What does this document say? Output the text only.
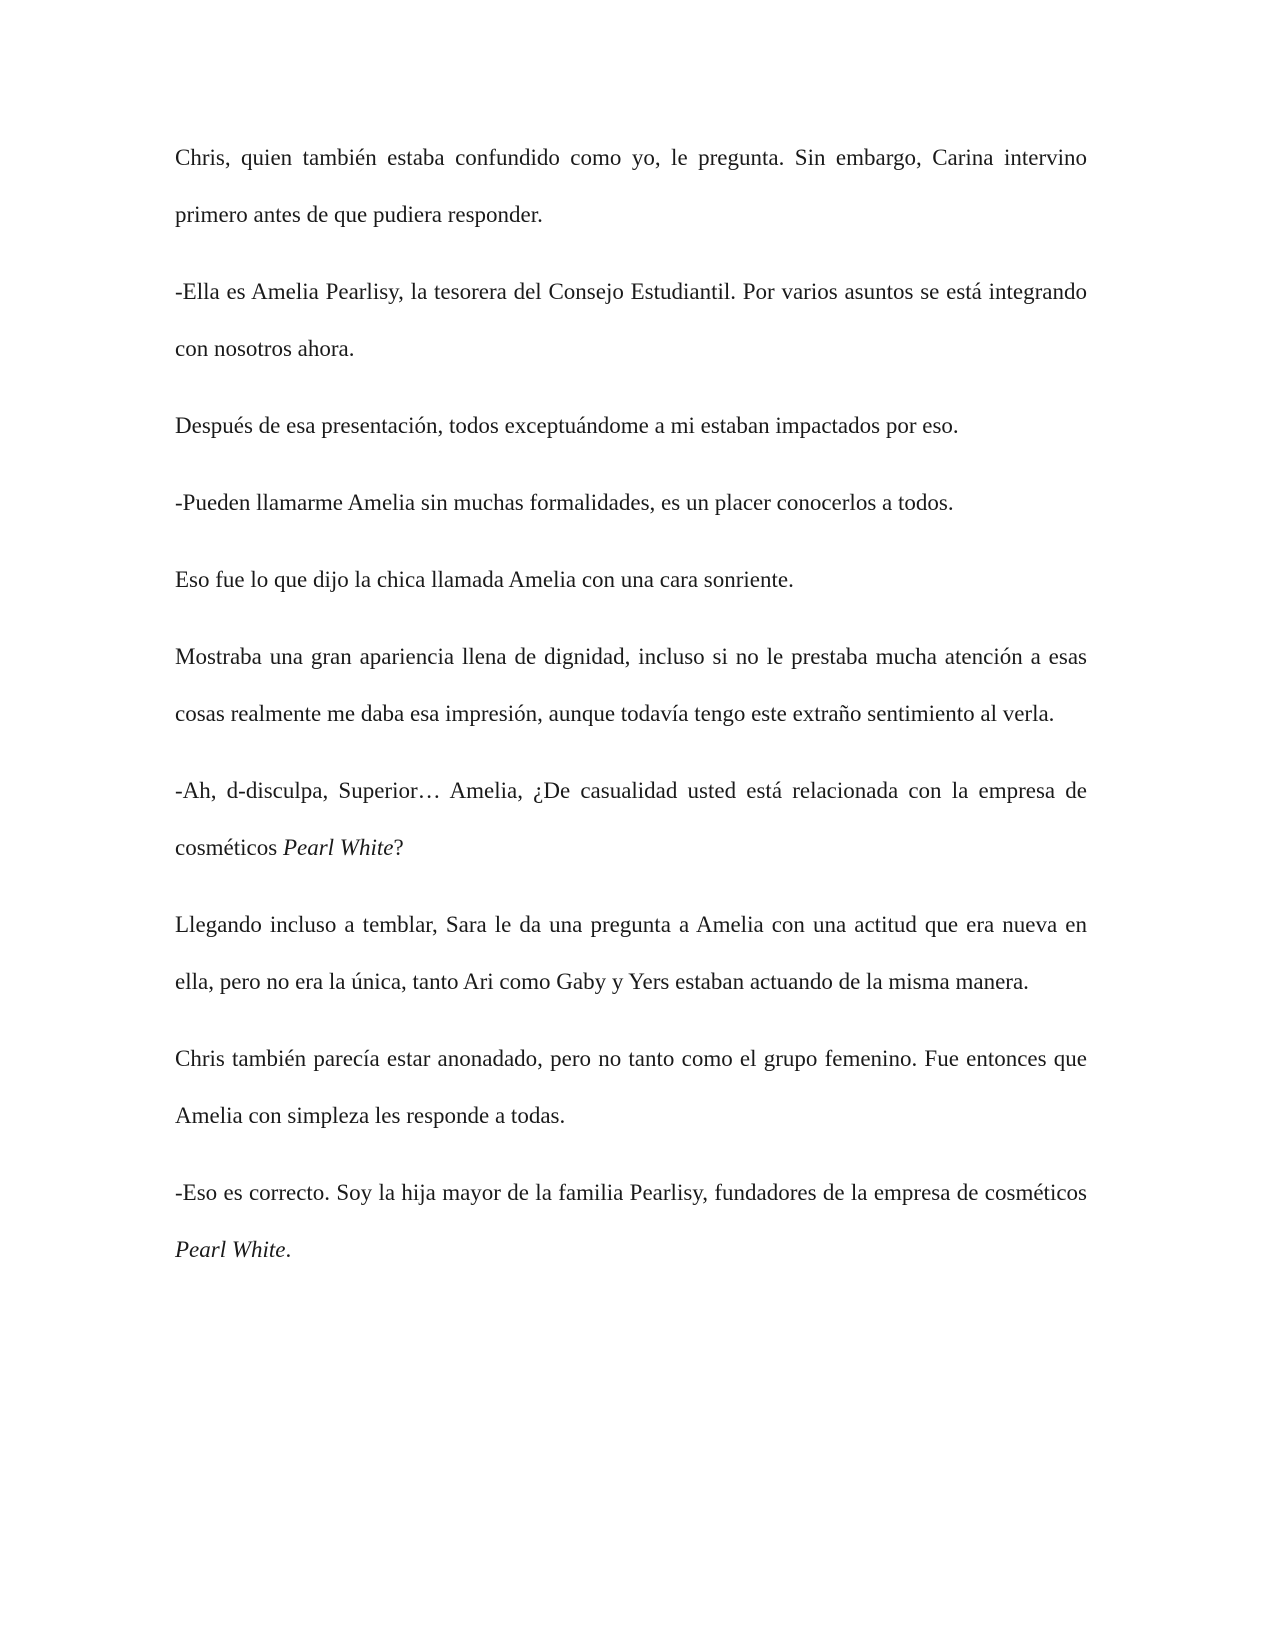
Chris, quien también estaba confundido como yo, le pregunta. Sin embargo, Carina intervino primero antes de que pudiera responder.

-Ella es Amelia Pearlisy, la tesorera del Consejo Estudiantil. Por varios asuntos se está integrando con nosotros ahora.

Después de esa presentación, todos exceptuándome a mi estaban impactados por eso.

-Pueden llamarme Amelia sin muchas formalidades, es un placer conocerlos a todos.

Eso fue lo que dijo la chica llamada Amelia con una cara sonriente.

Mostraba una gran apariencia llena de dignidad, incluso si no le prestaba mucha atención a esas cosas realmente me daba esa impresión, aunque todavía tengo este extraño sentimiento al verla.

-Ah, d-disculpa, Superior… Amelia, ¿De casualidad usted está relacionada con la empresa de cosméticos Pearl White?

Llegando incluso a temblar, Sara le da una pregunta a Amelia con una actitud que era nueva en ella, pero no era la única, tanto Ari como Gaby y Yers estaban actuando de la misma manera.

Chris también parecía estar anonadado, pero no tanto como el grupo femenino. Fue entonces que Amelia con simpleza les responde a todas.

-Eso es correcto. Soy la hija mayor de la familia Pearlisy, fundadores de la empresa de cosméticos Pearl White.
